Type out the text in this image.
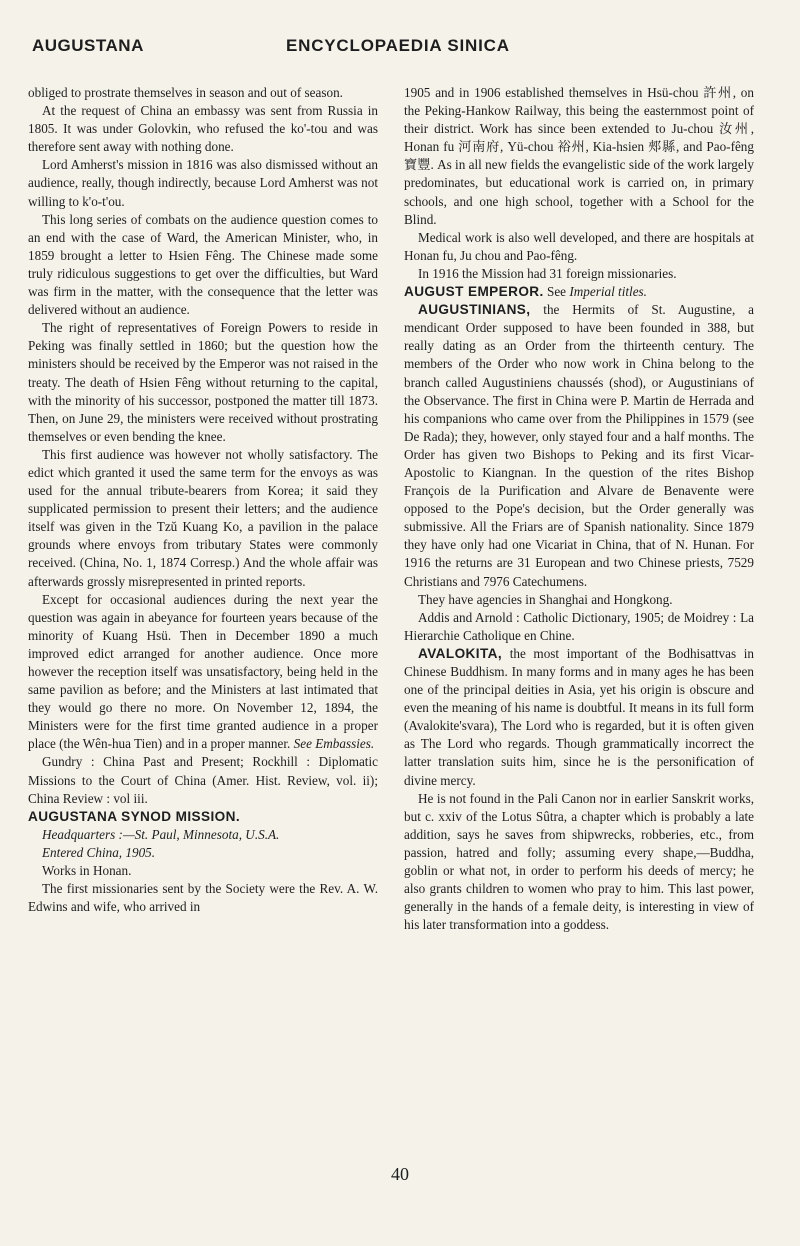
AUGUSTANA	ENCYCLOPAEDIA SINICA

obliged to prostrate themselves in season and out of season.

At the request of China an embassy was sent from Russia in 1805. It was under Golovkin, who refused the ko'-tou and was therefore sent away with nothing done.

Lord Amherst's mission in 1816 was also dismissed without an audience, really, though indirectly, because Lord Amherst was not willing to k'o-t'ou.

This long series of combats on the audience question comes to an end with the case of Ward, the American Minister, who, in 1859 brought a letter to Hsien Fêng. The Chinese made some truly ridiculous suggestions to get over the difficulties, but Ward was firm in the matter, with the consequence that the letter was delivered without an audience.

The right of representatives of Foreign Powers to reside in Peking was finally settled in 1860; but the question how the ministers should be received by the Emperor was not raised in the treaty. The death of Hsien Fêng without returning to the capital, with the minority of his successor, postponed the matter till 1873. Then, on June 29, the ministers were received without prostrating themselves or even bending the knee.

This first audience was however not wholly satisfactory. The edict which granted it used the same term for the envoys as was used for the annual tribute-bearers from Korea; it said they supplicated permission to present their letters; and the audience itself was given in the Tzŭ Kuang Ko, a pavilion in the palace grounds where envoys from tributary States were commonly received. (China, No. 1, 1874 Corresp.) And the whole affair was afterwards grossly misrepresented in printed reports.

Except for occasional audiences during the next year the question was again in abeyance for fourteen years because of the minority of Kuang Hsü. Then in December 1890 a much improved edict arranged for another audience. Once more however the reception itself was unsatisfactory, being held in the same pavilion as before; and the Ministers at last intimated that they would go there no more. On November 12, 1894, the Ministers were for the first time granted audience in a proper place (the Wên-hua Tien) and in a proper manner. See Embassies.

Gundry : China Past and Present; Rockhill : Diplomatic Missions to the Court of China (Amer. Hist. Review, vol. ii); China Review : vol iii.

AUGUSTANA SYNOD MISSION.

Headquarters :—St. Paul, Minnesota, U.S.A.

Entered China, 1905.

Works in Honan.

The first missionaries sent by the Society were the Rev. A. W. Edwins and wife, who arrived in

1905 and in 1906 established themselves in Hsü-chou 許州, on the Peking-Hankow Railway, this being the easternmost point of their district. Work has since been extended to Ju-chou 汝州, Honan fu 河南府, Yü-chou 裕州, Kia-hsien 郟縣, and Pao-fêng 寶豐. As in all new fields the evangelistic side of the work largely predominates, but educational work is carried on, in primary schools, and one high school, together with a School for the Blind.

Medical work is also well developed, and there are hospitals at Honan fu, Ju chou and Pao-fêng.

In 1916 the Mission had 31 foreign missionaries.

AUGUST EMPEROR. See Imperial titles.

AUGUSTINIANS, the Hermits of St. Augustine, a mendicant Order supposed to have been founded in 388, but really dating as an Order from the thirteenth century. The members of the Order who now work in China belong to the branch called Augustiniens chaussés (shod), or Augustinians of the Observance. The first in China were P. Martin de Herrada and his companions who came over from the Philippines in 1579 (see De Rada); they, however, only stayed four and a half months. The Order has given two Bishops to Peking and its first Vicar-Apostolic to Kiangnan. In the question of the rites Bishop François de la Purification and Alvare de Benavente were opposed to the Pope's decision, but the Order generally was submissive. All the Friars are of Spanish nationality. Since 1879 they have only had one Vicariat in China, that of N. Hunan. For 1916 the returns are 31 European and two Chinese priests, 7529 Christians and 7976 Catechumens.

They have agencies in Shanghai and Hongkong.

Addis and Arnold : Catholic Dictionary, 1905; de Moidrey : La Hierarchie Catholique en Chine.

AVALOKITA, the most important of the Bodhisattvas in Chinese Buddhism. In many forms and in many ages he has been one of the principal deities in Asia, yet his origin is obscure and even the meaning of his name is doubtful. It means in its full form (Avalokite'svara), The Lord who is regarded, but it is often given as The Lord who regards. Though grammatically incorrect the latter translation suits him, since he is the personification of divine mercy.

He is not found in the Pali Canon nor in earlier Sanskrit works, but c. xxiv of the Lotus Sûtra, a chapter which is probably a late addition, says he saves from shipwrecks, robberies, etc., from passion, hatred and folly; assuming every shape,—Buddha, goblin or what not, in order to perform his deeds of mercy; he also grants children to women who pray to him. This last power, generally in the hands of a female deity, is interesting in view of his later transformation into a goddess.

40
